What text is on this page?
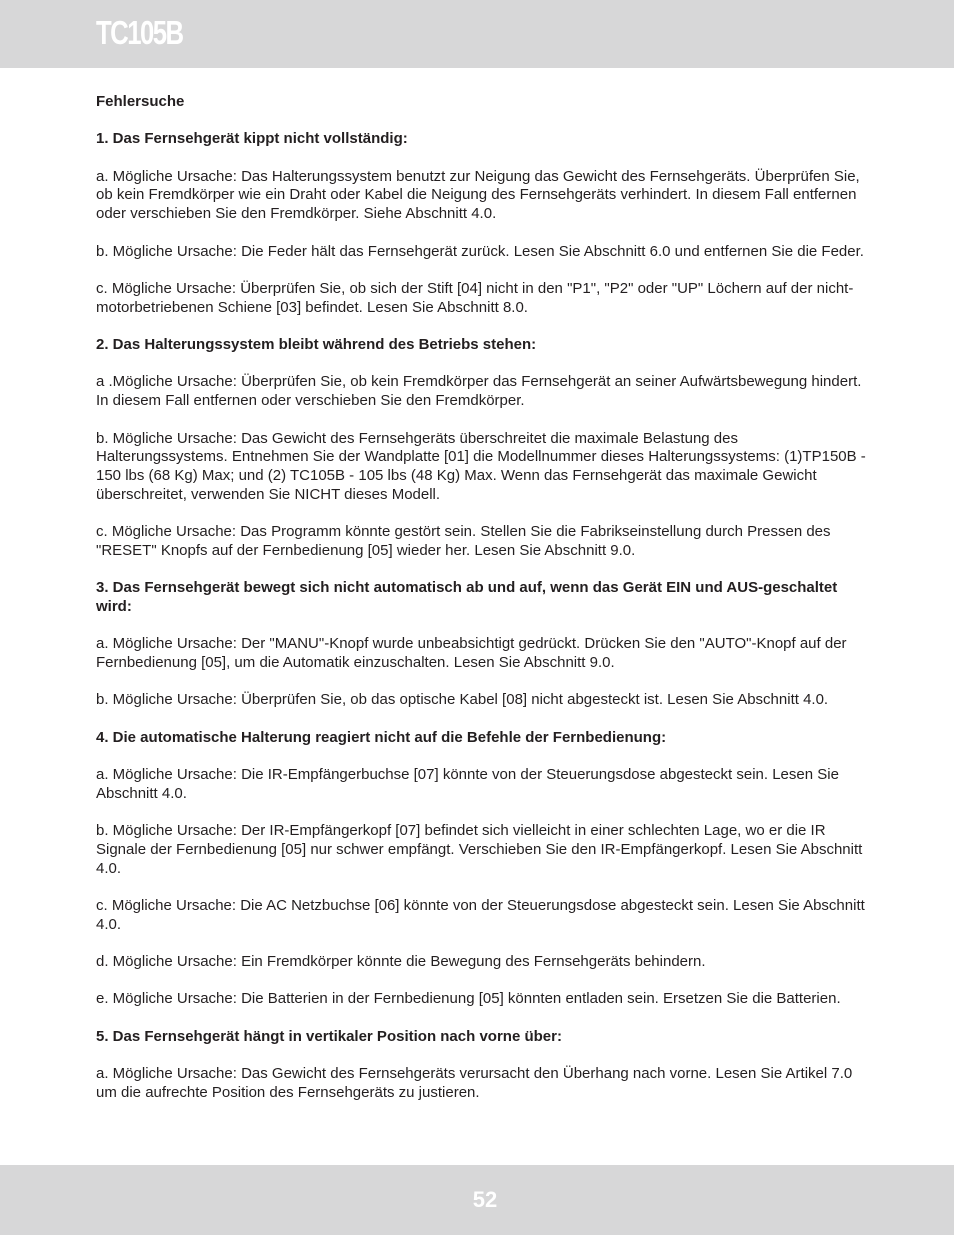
TC105B

Fehlersuche

1. Das Fernsehgerät kippt nicht vollständig:

a. Mögliche Ursache: Das Halterungssystem benutzt zur Neigung das Gewicht des Fernsehgeräts. Überprüfen Sie, ob kein Fremdkörper wie ein Draht oder Kabel die Neigung des Fernsehgeräts verhindert. In diesem Fall entfernen oder verschieben Sie den Fremdkörper. Siehe Abschnitt 4.0.

b. Mögliche Ursache: Die Feder hält das Fernsehgerät zurück. Lesen Sie Abschnitt 6.0 und entfernen Sie die Feder.

c. Mögliche Ursache: Überprüfen Sie, ob sich der Stift [04] nicht in den "P1", "P2" oder "UP" Löchern auf der nicht-motorbetriebenen Schiene [03] befindet. Lesen Sie Abschnitt 8.0.

2. Das Halterungssystem bleibt während des Betriebs stehen:

a .Mögliche Ursache: Überprüfen Sie, ob kein Fremdkörper das Fernsehgerät an seiner Aufwärtsbewegung hindert. In diesem Fall entfernen oder verschieben Sie den Fremdkörper.

b. Mögliche Ursache: Das Gewicht des Fernsehgeräts überschreitet die maximale Belastung des Halterungssystems. Entnehmen Sie der Wandplatte [01] die Modellnummer dieses Halterungssystems: (1)TP150B - 150 lbs (68 Kg) Max; und (2) TC105B - 105 lbs (48 Kg) Max. Wenn das Fernsehgerät das maximale Gewicht überschreitet, verwenden Sie NICHT dieses Modell.

c. Mögliche Ursache: Das Programm könnte gestört sein. Stellen Sie die Fabrikseinstellung durch Pressen des "RESET" Knopfs auf der Fernbedienung [05] wieder her. Lesen Sie Abschnitt 9.0.

3. Das Fernsehgerät bewegt sich nicht automatisch ab und auf, wenn das Gerät EIN und AUS-geschaltet wird:

a. Mögliche Ursache: Der "MANU"-Knopf wurde unbeabsichtigt gedrückt. Drücken Sie den "AUTO"-Knopf auf der Fernbedienung [05], um die Automatik einzuschalten. Lesen Sie Abschnitt 9.0.

b. Mögliche Ursache: Überprüfen Sie, ob das optische Kabel [08] nicht abgesteckt ist. Lesen Sie Abschnitt 4.0.

4. Die automatische Halterung reagiert nicht auf die Befehle der Fernbedienung:

a. Mögliche Ursache: Die IR-Empfängerbuchse [07] könnte von der Steuerungsdose abgesteckt sein. Lesen Sie Abschnitt 4.0.

b. Mögliche Ursache: Der IR-Empfängerkopf [07] befindet sich vielleicht in einer schlechten Lage, wo er die IR Signale der Fernbedienung [05] nur schwer empfängt. Verschieben Sie den IR-Empfängerkopf. Lesen Sie Abschnitt 4.0.

c. Mögliche Ursache: Die AC Netzbuchse [06] könnte von der Steuerungsdose abgesteckt sein. Lesen Sie Abschnitt 4.0.

d. Mögliche Ursache: Ein Fremdkörper könnte die Bewegung des Fernsehgeräts behindern.

e. Mögliche Ursache: Die Batterien in der Fernbedienung [05] könnten entladen sein. Ersetzen Sie die Batterien.

5. Das Fernsehgerät hängt in vertikaler Position nach vorne über:

a. Mögliche Ursache: Das Gewicht des Fernsehgeräts verursacht den Überhang nach vorne. Lesen Sie Artikel 7.0 um die aufrechte Position des Fernsehgeräts zu justieren.

52
